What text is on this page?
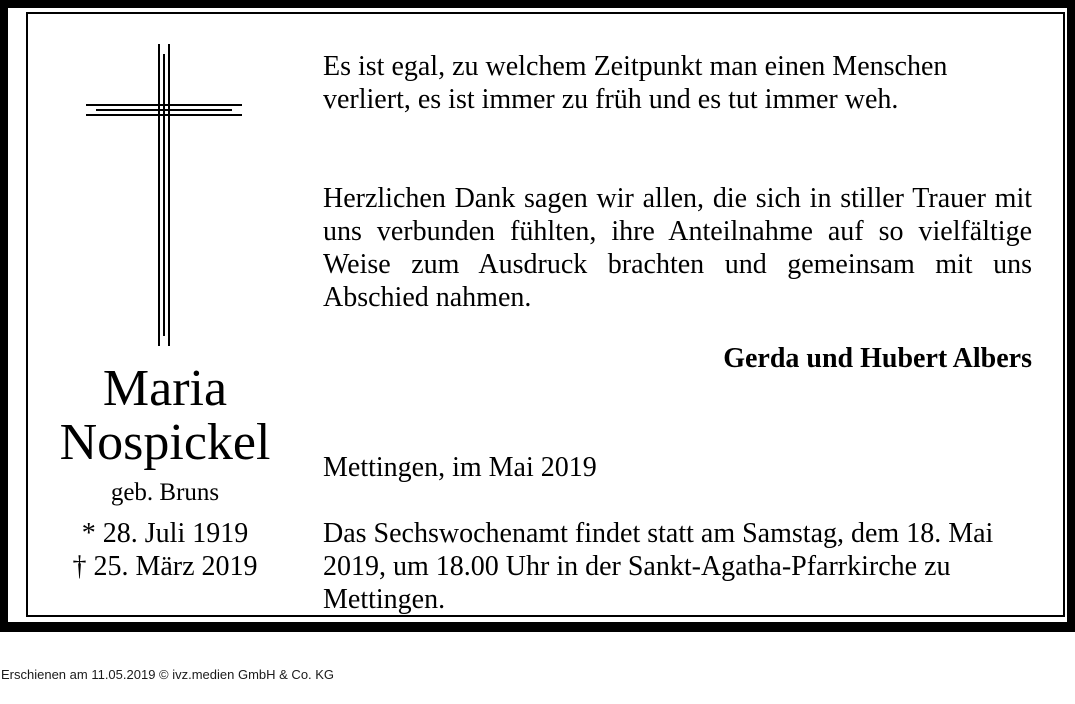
Maria
Nospickel
geb. Bruns
* 28. Juli 1919
† 25. März 2019
Es ist egal, zu welchem Zeitpunkt man einen Menschen verliert, es ist immer zu früh und es tut immer weh.
Herzlichen Dank sagen wir allen, die sich in stiller Trauer mit uns verbunden fühlten, ihre Anteilnahme auf so vielfältige Weise zum Ausdruck brachten und gemeinsam mit uns Abschied nahmen.
Gerda und Hubert Albers
Mettingen, im Mai 2019
Das Sechswochenamt findet statt am Samstag, dem 18. Mai 2019, um 18.00 Uhr in der Sankt-Agatha-Pfarrkirche zu Mettingen.
Erschienen am 11.05.2019 © ivz.medien GmbH & Co. KG
